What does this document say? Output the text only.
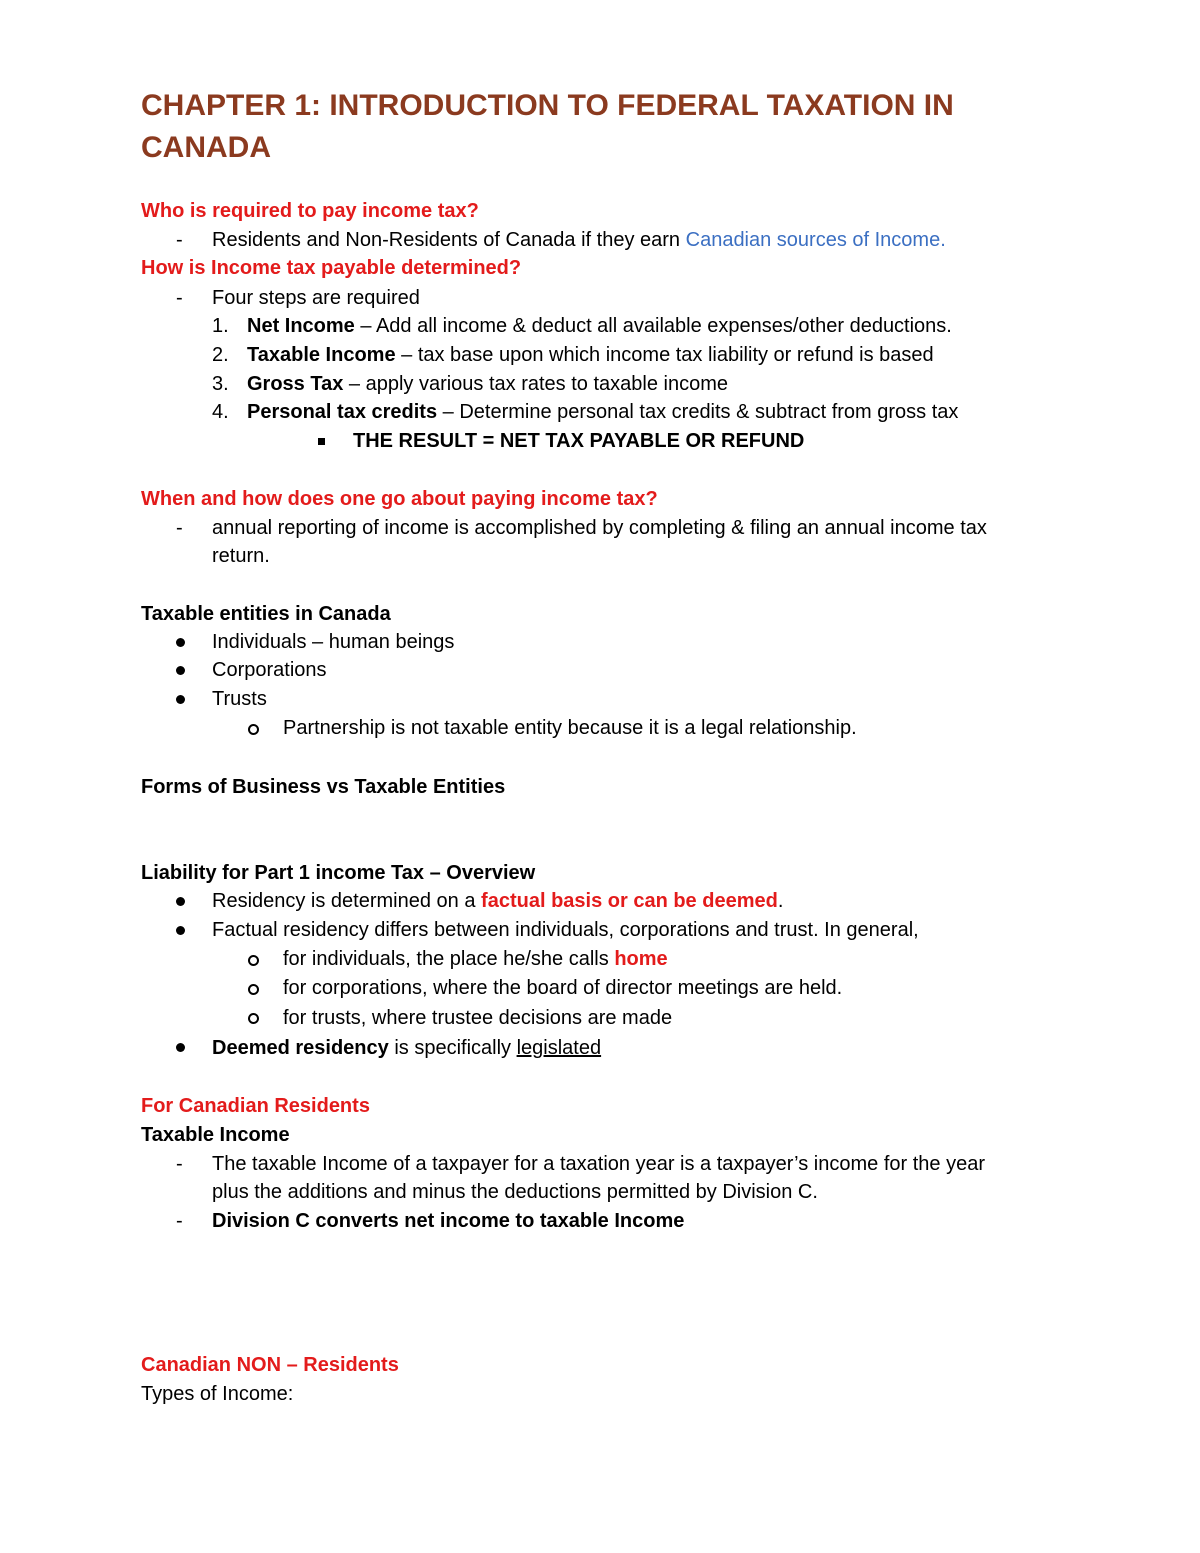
CHAPTER 1: INTRODUCTION TO FEDERAL TAXATION IN
CANADA
Who is required to pay income tax?
- Residents and Non-Residents of Canada if they earn Canadian sources of Income.
How is Income tax payable determined?
- Four steps are required
1. Net Income – Add all income & deduct all available expenses/other deductions.
2. Taxable Income – tax base upon which income tax liability or refund is based
3. Gross Tax – apply various tax rates to taxable income
4. Personal tax credits – Determine personal tax credits & subtract from gross tax
THE RESULT = NET TAX PAYABLE OR REFUND
When and how does one go about paying income tax?
- annual reporting of income is accomplished by completing & filing an annual income tax
return.
Taxable entities in Canada
Individuals – human beings
Corporations
Trusts
Partnership is not taxable entity because it is a legal relationship.
Forms of Business vs Taxable Entities
Liability for Part 1 income Tax – Overview
Residency is determined on a factual basis or can be deemed.
Factual residency differs between individuals, corporations and trust. In general,
for individuals, the place he/she calls home
for corporations, where the board of director meetings are held.
for trusts, where trustee decisions are made
Deemed residency is specifically legislated
For Canadian Residents
Taxable Income
- The taxable Income of a taxpayer for a taxation year is a taxpayer’s income for the year
plus the additions and minus the deductions permitted by Division C.
- Division C converts net income to taxable Income
Canadian NON – Residents
Types of Income:
